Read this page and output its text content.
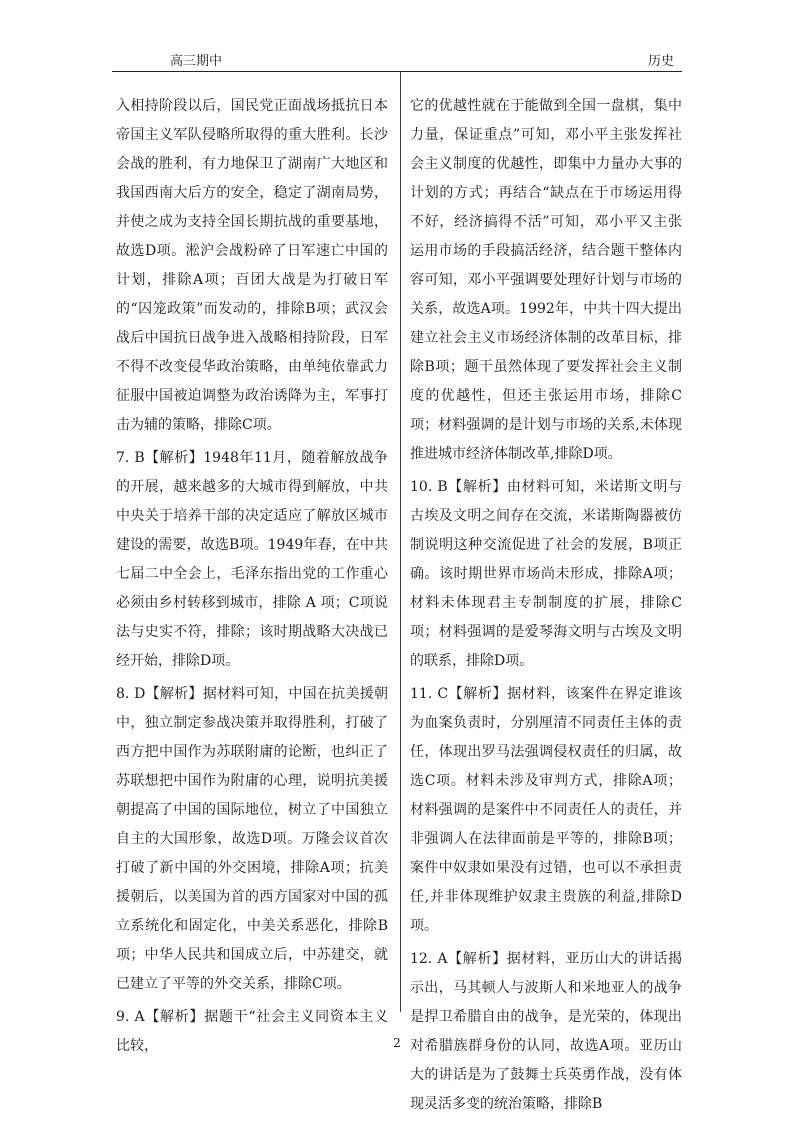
高三期中	历史

入相持阶段以后，国民党正面战场抵抗日本帝国主义军队侵略所取得的重大胜利。长沙会战的胜利，有力地保卫了湖南广大地区和我国西南大后方的安全，稳定了湖南局势，并使之成为支持全国长期抗战的重要基地，故选D项。淞沪会战粉碎了日军速亡中国的计划，排除A项；百团大战是为打破日军的“囚笼政策”而发动的，排除B项；武汉会战后中国抗日战争进入战略相持阶段，日军不得不改变侵华政治策略，由单纯依靠武力征服中国被迫调整为政治诱降为主，军事打击为辅的策略，排除C项。

7. B【解析】1948年11月，随着解放战争的开展，越来越多的大城市得到解放，中共中央关于培养干部的决定适应了解放区城市建设的需要，故选B项。1949年春，在中共七届二中全会上，毛泽东指出党的工作重心必须由乡村转移到城市，排除 A 项；C项说法与史实不符，排除；该时期战略大决战已经开始，排除D项。

8. D【解析】据材料可知，中国在抗美援朝中，独立制定参战决策并取得胜利，打破了西方把中国作为苏联附庸的论断，也纠正了苏联想把中国作为附庸的心理，说明抗美援朝提高了中国的国际地位，树立了中国独立自主的大国形象，故选D项。万隆会议首次打破了新中国的外交困境，排除A项；抗美援朝后，以美国为首的西方国家对中国的孤立系统化和固定化，中美关系恶化，排除B项；中华人民共和国成立后，中苏建交，就已建立了平等的外交关系，排除C项。

9. A【解析】据题干“社会主义同资本主义比较，

它的优越性就在于能做到全国一盘棋，集中力量，保证重点”可知，邓小平主张发挥社会主义制度的优越性，即集中力量办大事的计划的方式；再结合“缺点在于市场运用得不好，经济搞得不活”可知，邓小平又主张运用市场的手段搞活经济，结合题干整体内容可知，邓小平强调要处理好计划与市场的关系，故选A项。1992年，中共十四大提出建立社会主义市场经济体制的改革目标，排除B项；题干虽然体现了要发挥社会主义制度的优越性，但还主张运用市场，排除C项；材料强调的是计划与市场的关系,未体现推进城市经济体制改革,排除D项。

10. B【解析】由材料可知，米诺斯文明与古埃及文明之间存在交流，米诺斯陶器被仿制说明这种交流促进了社会的发展，B项正确。该时期世界市场尚未形成，排除A项；材料未体现君主专制制度的扩展，排除C项；材料强调的是爱琴海文明与古埃及文明的联系，排除D项。

11. C【解析】据材料，该案件在界定谁该为血案负责时，分别厘清不同责任主体的责任，体现出罗马法强调侵权责任的归属，故选C项。材料未涉及审判方式，排除A项；材料强调的是案件中不同责任人的责任，并非强调人在法律面前是平等的，排除B项；案件中奴隶如果没有过错，也可以不承担责任,并非体现维护奴隶主贵族的利益,排除D项。

12. A【解析】据材料，亚历山大的讲话揭示出，马其顿人与波斯人和米地亚人的战争是捍卫希腊自由的战争，是光荣的，体现出对希腊族群身份的认同，故选A项。亚历山大的讲话是为了鼓舞士兵英勇作战，没有体现灵活多变的统治策略，排除B

2
